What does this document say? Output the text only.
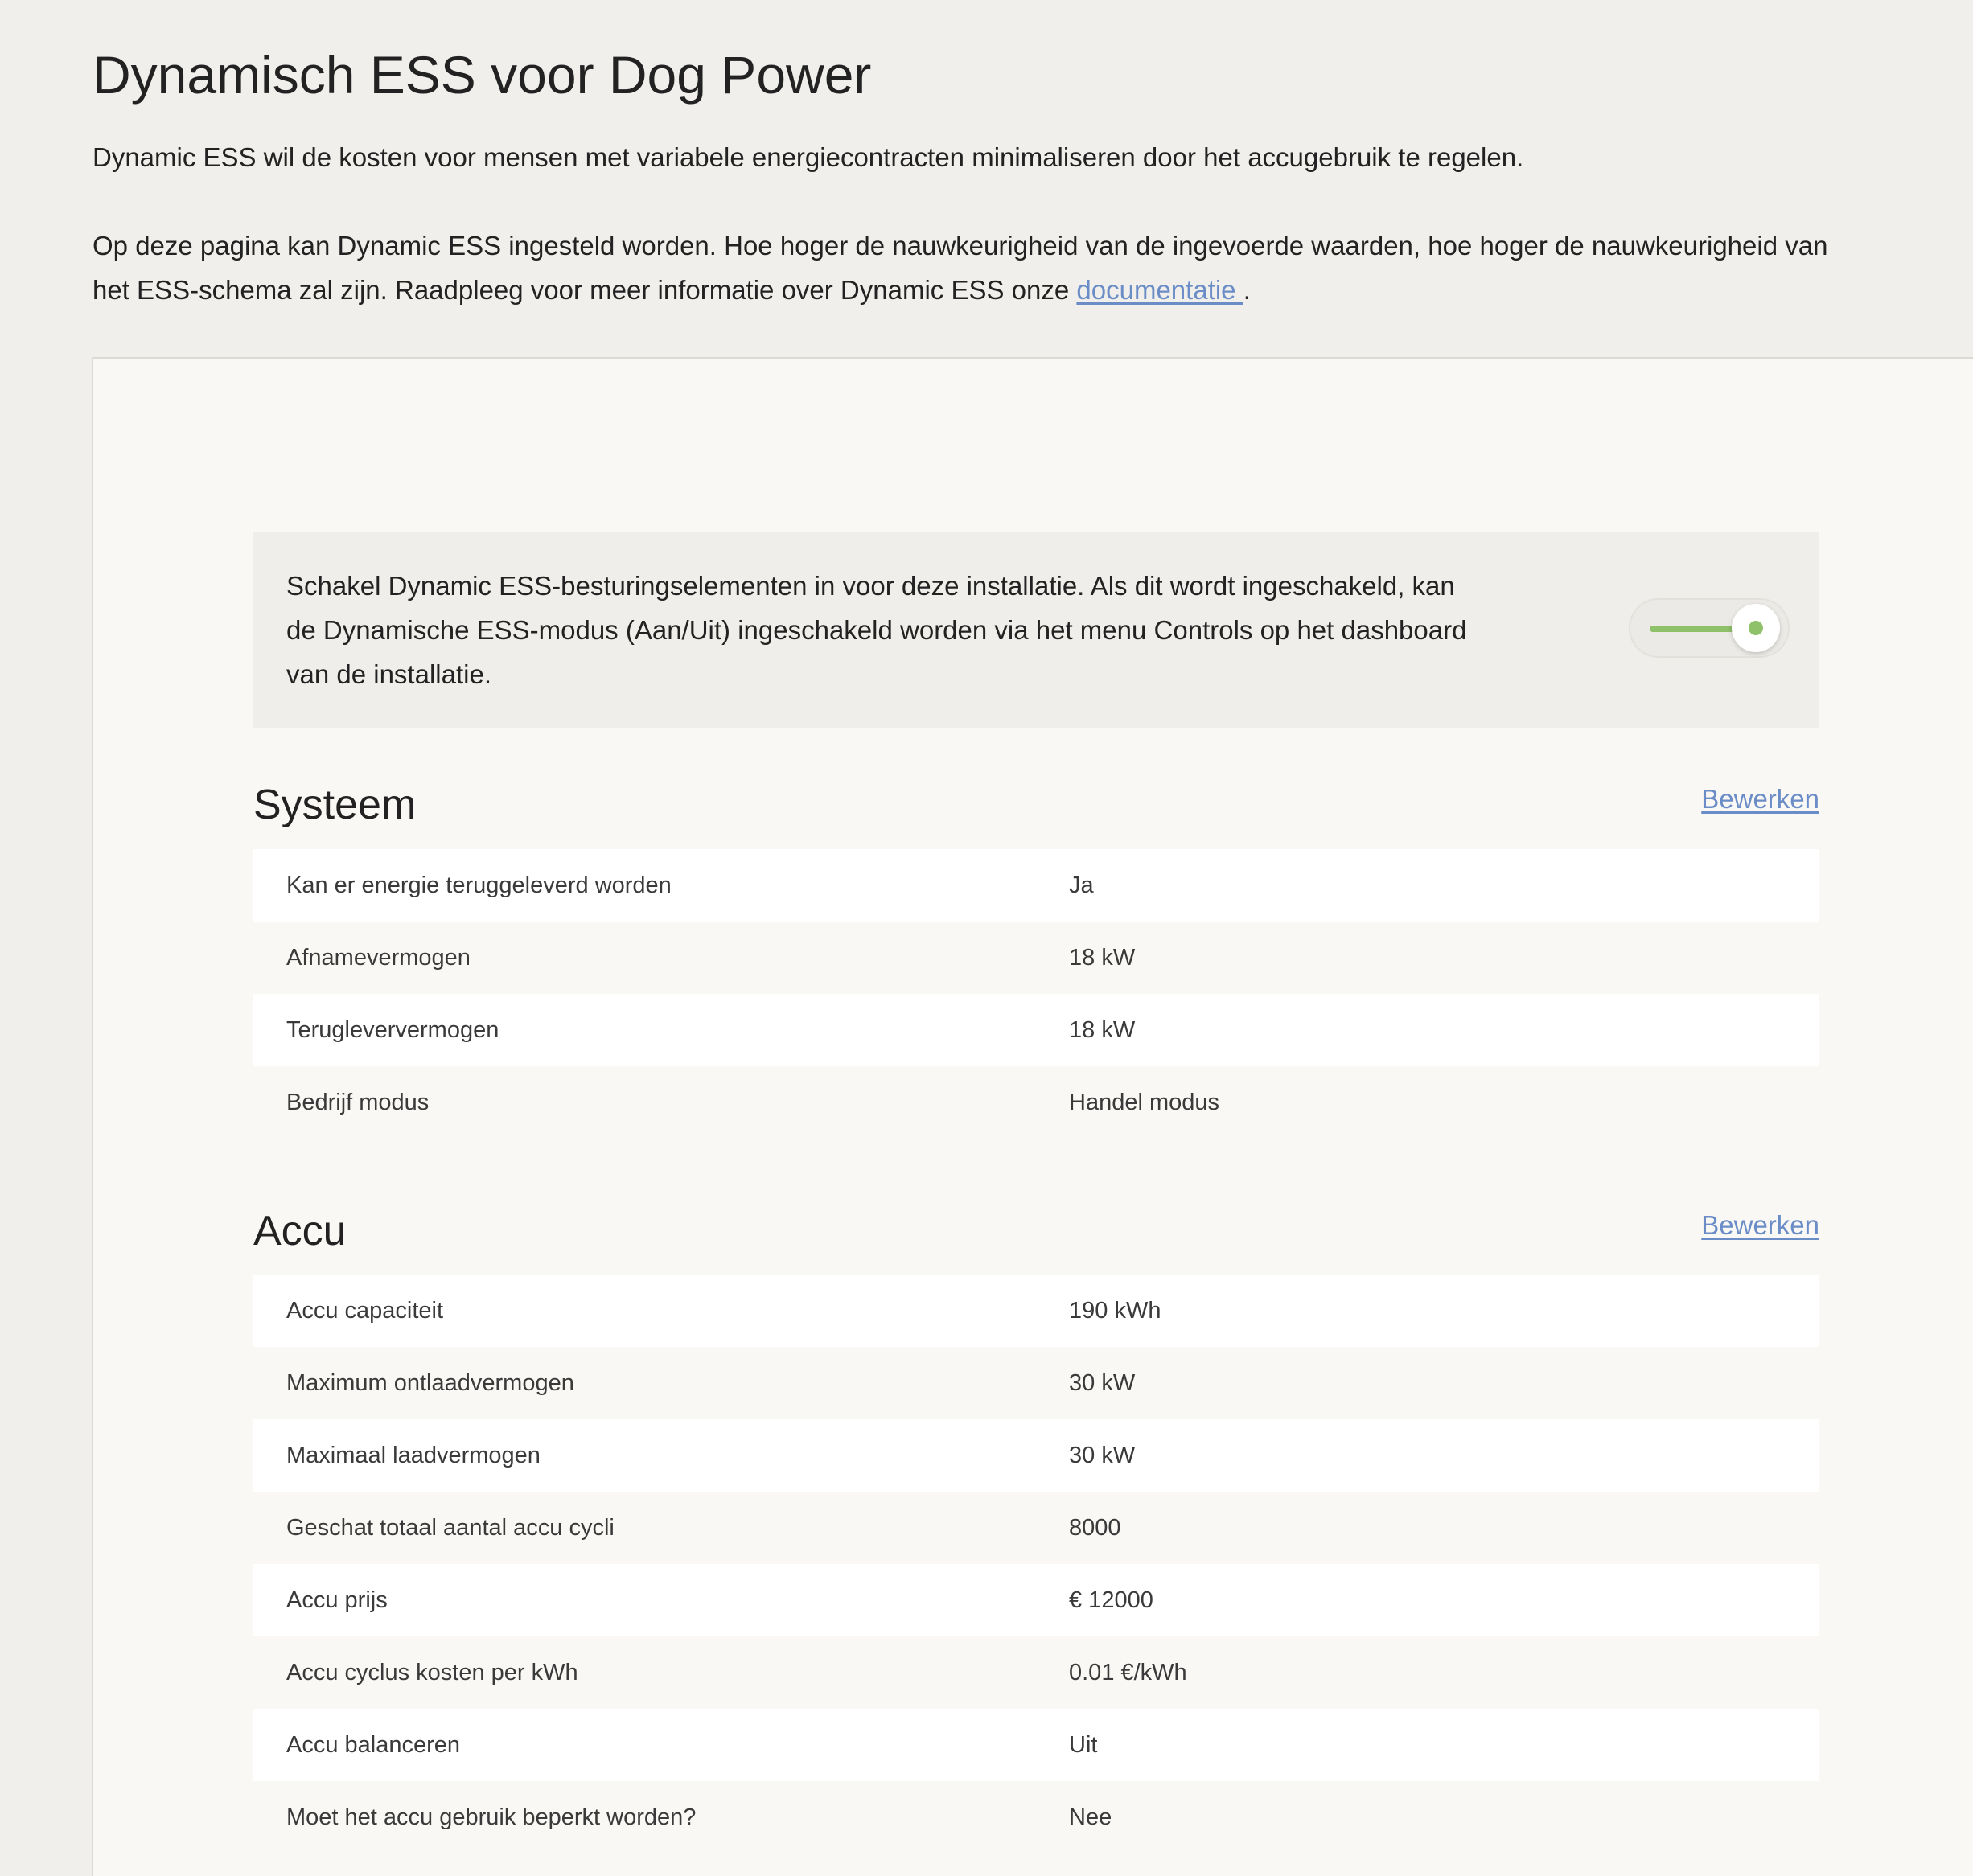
Dynamisch ESS voor Dog Power

Dynamic ESS wil de kosten voor mensen met variabele energiecontracten minimaliseren door het accugebruik te regelen.

Op deze pagina kan Dynamic ESS ingesteld worden. Hoe hoger de nauwkeurigheid van de ingevoerde waarden, hoe hoger de nauwkeurigheid van
het ESS-schema zal zijn. Raadpleeg voor meer informatie over Dynamic ESS onze documentatie .

Schakel Dynamic ESS-besturingselementen in voor deze installatie. Als dit wordt ingeschakeld, kan
de Dynamische ESS-modus (Aan/Uit) ingeschakeld worden via het menu Controls op het dashboard
van de installatie.

Systeem	Bewerken
Kan er energie teruggeleverd worden	Ja
Afnamevermogen	18 kW
Terugleververmogen	18 kW
Bedrijf modus	Handel modus
Accu	Bewerken
Accu capaciteit	190 kWh
Maximum ontlaadvermogen	30 kW
Maximaal laadvermogen	30 kW
Geschat totaal aantal accu cycli	8000
Accu prijs	€ 12000
Accu cyclus kosten per kWh	0.01 €/kWh
Accu balanceren	Uit
Moet het accu gebruik beperkt worden?	Nee
